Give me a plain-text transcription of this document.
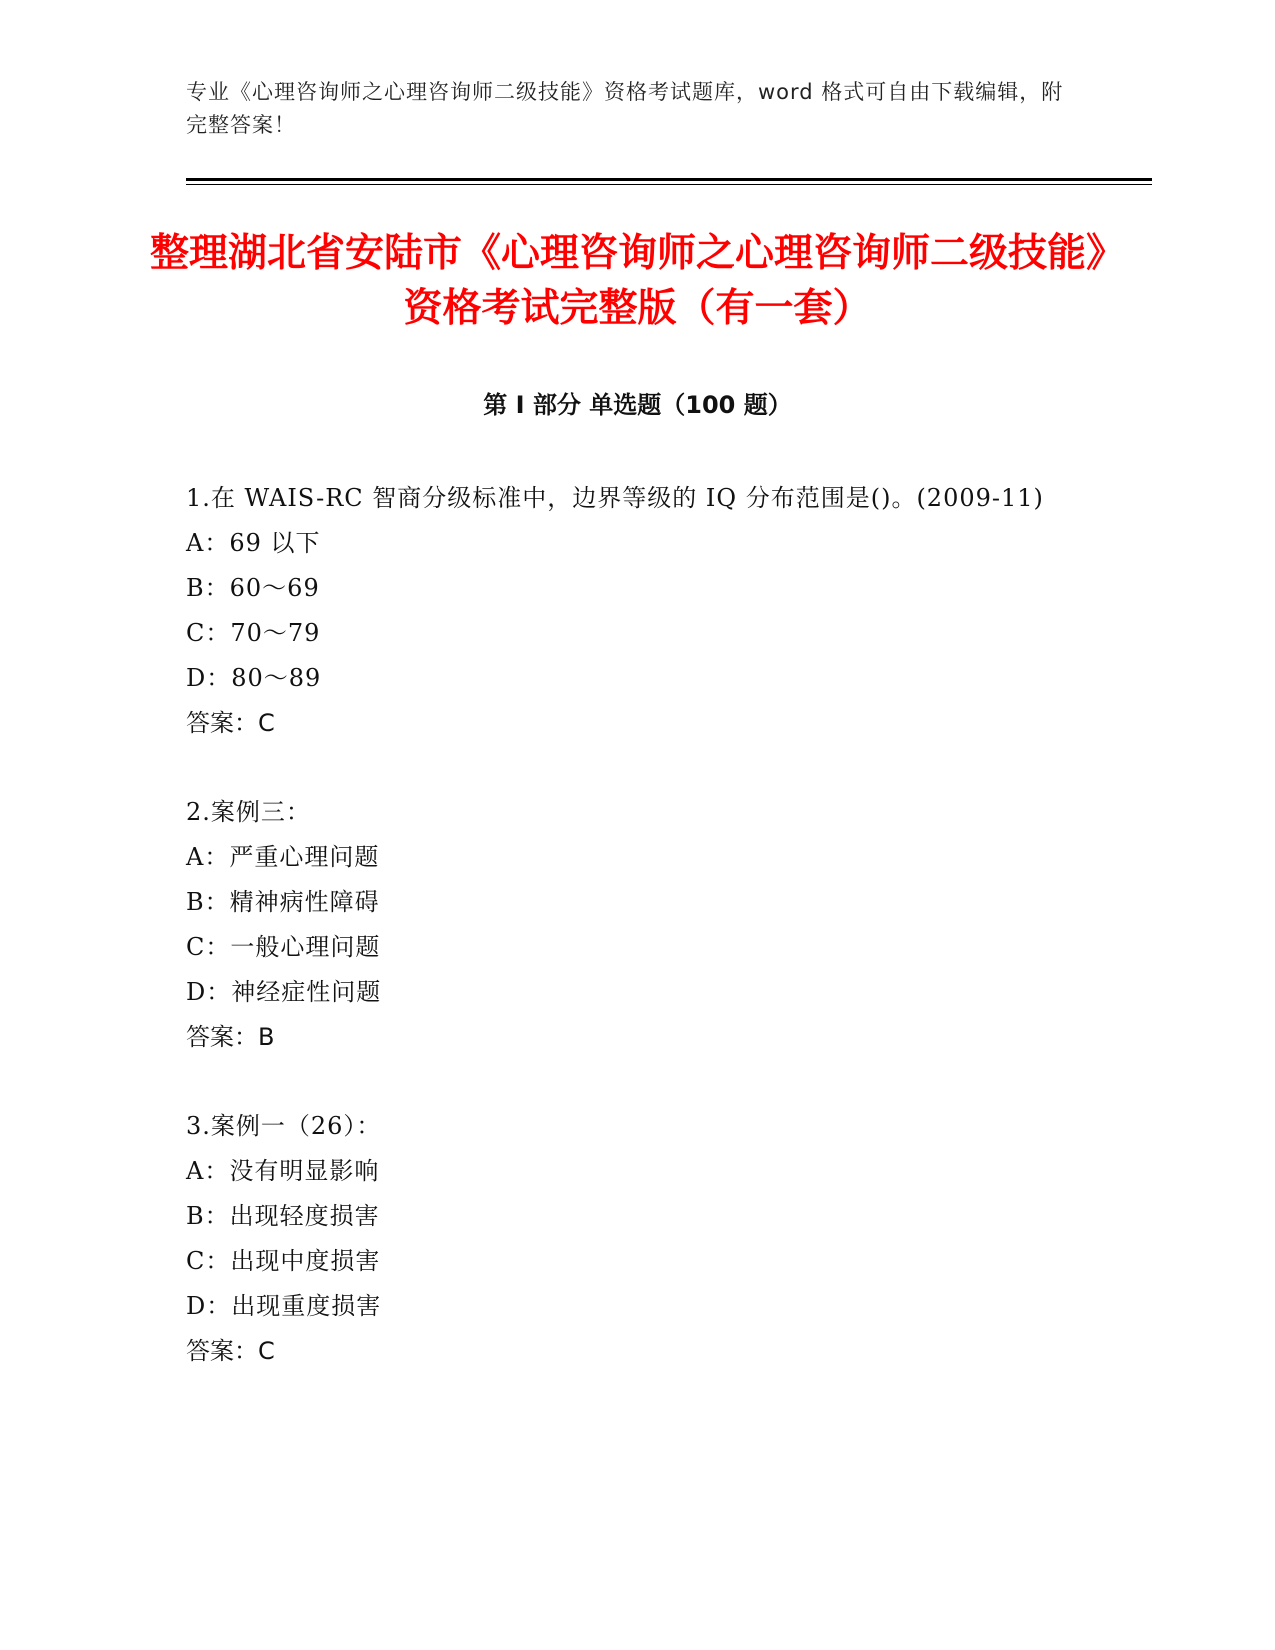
专业《心理咨询师之心理咨询师二级技能》资格考试题库，word 格式可自由下载编辑，附完整答案！
整理湖北省安陆市《心理咨询师之心理咨询师二级技能》资格考试完整版（有一套）
第 I 部分 单选题（100 题）
1.在 WAIS-RC 智商分级标准中，边界等级的 IQ 分布范围是()。(2009-11)
A：69 以下
B：60～69
C：70～79
D：80～89
答案：C
2.案例三：
A：严重心理问题
B：精神病性障碍
C：一般心理问题
D：神经症性问题
答案：B
3.案例一（26）：
A：没有明显影响
B：出现轻度损害
C：出现中度损害
D：出现重度损害
答案：C
